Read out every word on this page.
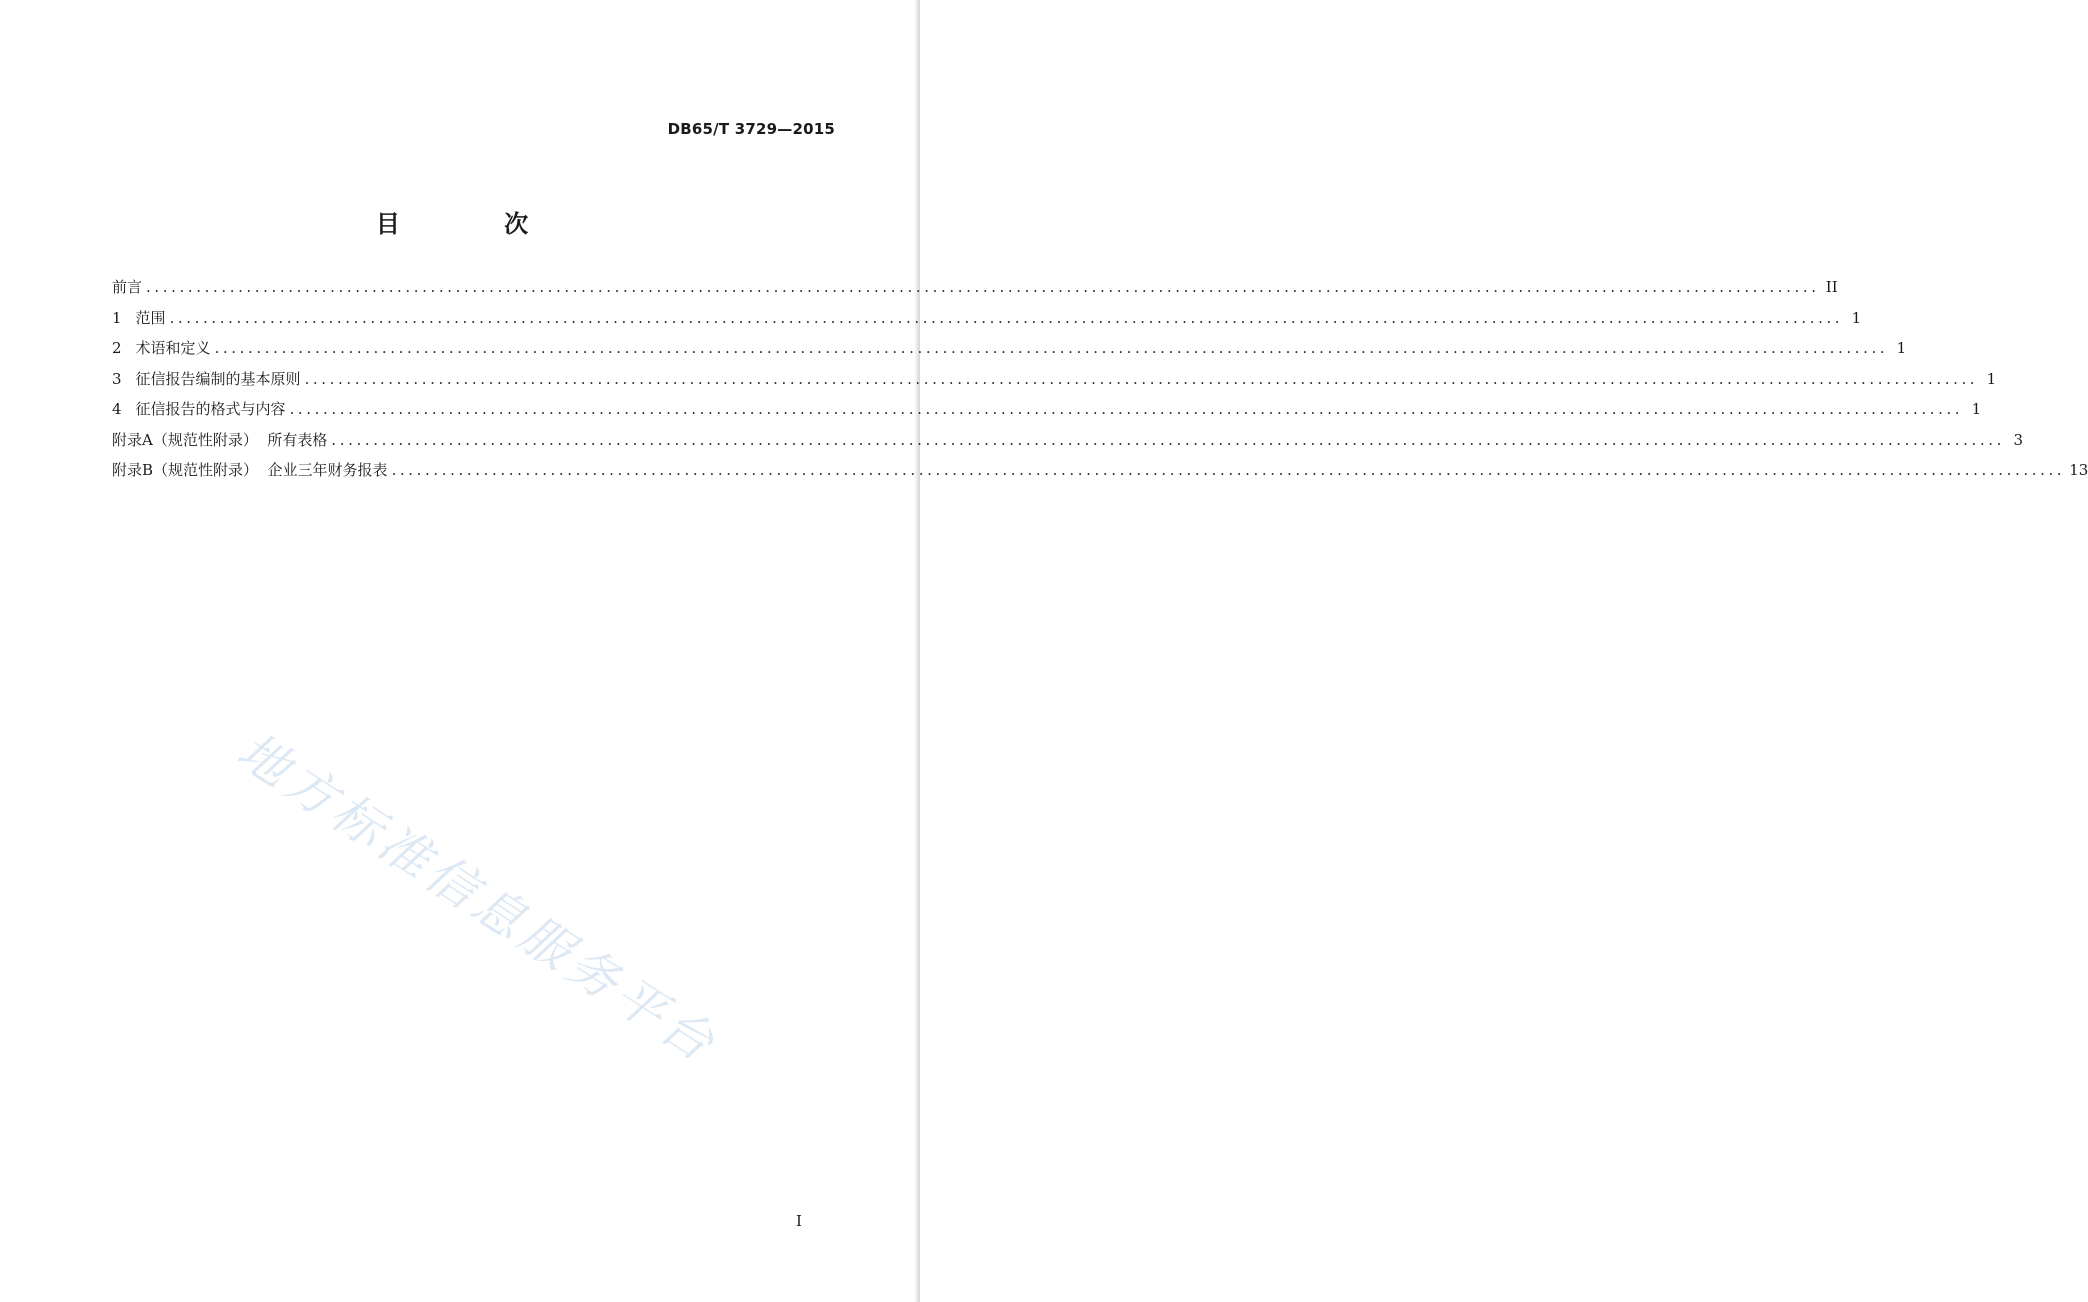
DB65/T 3729—2015
目 次
前言 ........................................................................................................................................................................................................ II
1 范围 ........................................................................................................................................................................................................ 1
2 术语和定义 ........................................................................................................................................................................................................ 1
3 征信报告编制的基本原则 ........................................................................................................................................................................................................ 1
4 征信报告的格式与内容 ........................................................................................................................................................................................................ 1
附录A（规范性附录）  所有表格 ........................................................................................................................................................................................................ 3
附录B（规范性附录）  企业三年财务报表 ........................................................................................................................................................................................................ 13
地方标准信息服务平台
I
